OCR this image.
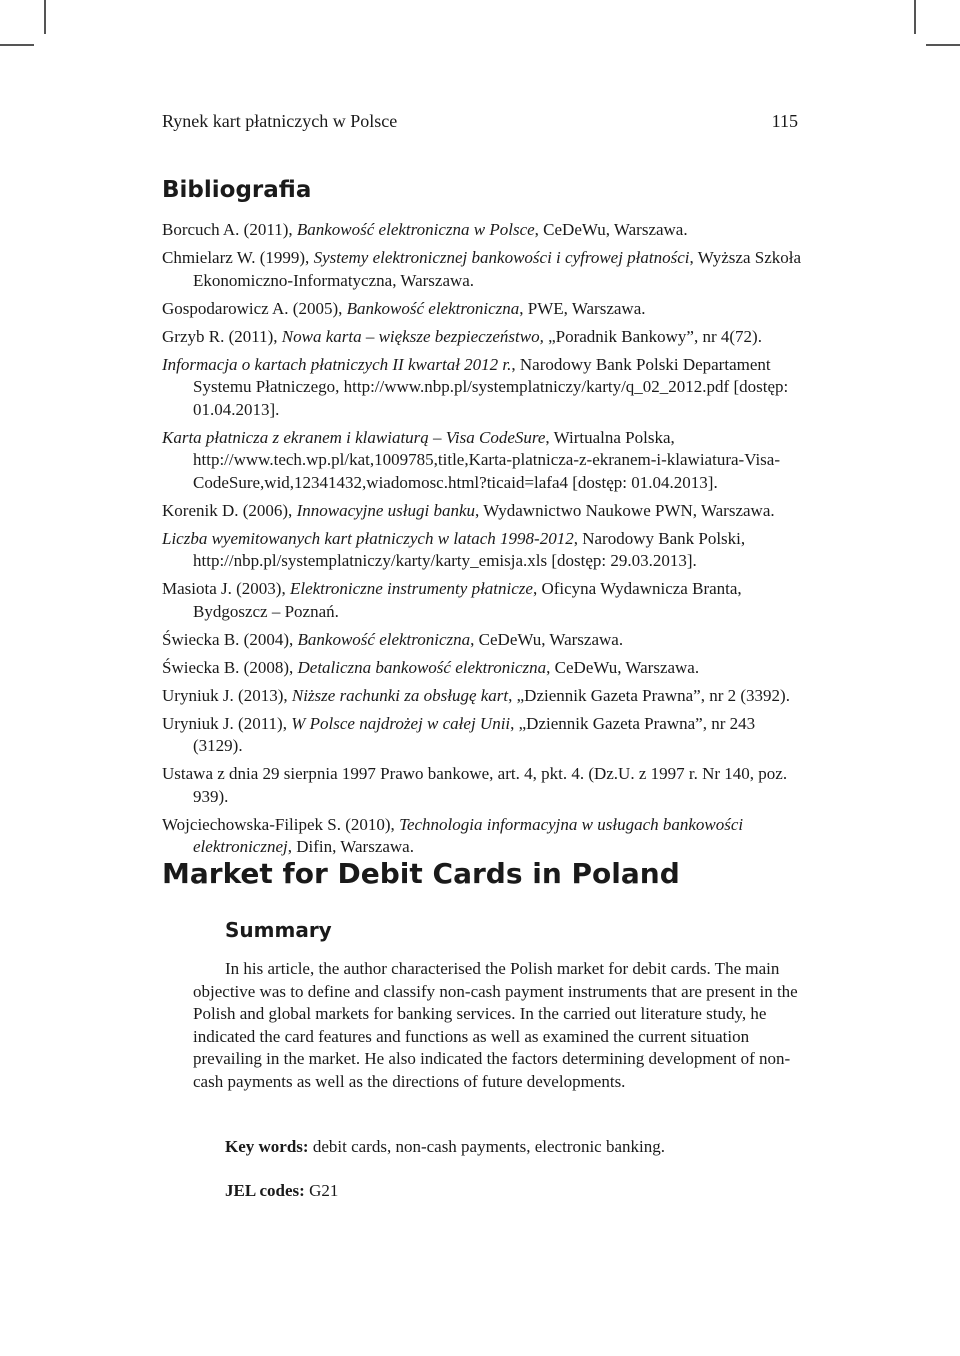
Rynek kart płatniczych w Polsce	115
Bibliografia

Borcuch A. (2011), Bankowość elektroniczna w Polsce, CeDeWu, Warszawa.

Chmielarz W. (1999), Systemy elektronicznej bankowości i cyfrowej płatności, Wyższa Szkoła Ekonomiczno-Informatyczna, Warszawa.

Gospodarowicz A. (2005), Bankowość elektroniczna, PWE, Warszawa.

Grzyb R. (2011), Nowa karta – większe bezpieczeństwo, „Poradnik Bankowy”, nr 4(72).

Informacja o kartach płatniczych II kwartał 2012 r., Narodowy Bank Polski Departament Systemu Płatniczego, http://www.nbp.pl/systemplatniczy/karty/q_02_2012.pdf [dostęp: 01.04.2013].

Karta płatnicza z ekranem i klawiaturą – Visa CodeSure, Wirtualna Polska, http://www.tech.wp.pl/kat,1009785,title,Karta-platnicza-z-ekranem-i-klawiatura-Visa-CodeSure,wid,12341432,wiadomosc.html?ticaid=lafa4 [dostęp: 01.04.2013].

Korenik D. (2006), Innowacyjne usługi banku, Wydawnictwo Naukowe PWN, Warszawa.

Liczba wyemitowanych kart płatniczych w latach 1998-2012, Narodowy Bank Polski, http://nbp.pl/systemplatniczy/karty/karty_emisja.xls [dostęp: 29.03.2013].

Masiota J. (2003), Elektroniczne instrumenty płatnicze, Oficyna Wydawnicza Branta, Bydgoszcz – Poznań.

Świecka B. (2004), Bankowość elektroniczna, CeDeWu, Warszawa.

Świecka B. (2008), Detaliczna bankowość elektroniczna, CeDeWu, Warszawa.

Uryniuk J. (2013), Niższe rachunki za obsługę kart, „Dziennik Gazeta Prawna”, nr 2 (3392).

Uryniuk J. (2011), W Polsce najdrożej w całej Unii, „Dziennik Gazeta Prawna”, nr 243 (3129).

Ustawa z dnia 29 sierpnia 1997 Prawo bankowe, art. 4, pkt. 4. (Dz.U. z 1997 r. Nr 140, poz. 939).

Wojciechowska-Filipek S. (2010), Technologia informacyjna w usługach bankowości elektronicznej, Difin, Warszawa.

Market for Debit Cards in Poland
Summary

In his article, the author characterised the Polish market for debit cards. The main objective was to define and classify non-cash payment instruments that are present in the Polish and global markets for banking services. In the carried out literature study, he indicated the card features and functions as well as examined the current situation prevailing in the market. He also indicated the factors determining development of non-cash payments as well as the directions of future developments.

Key words: debit cards, non-cash payments, electronic banking.
JEL codes: G21
